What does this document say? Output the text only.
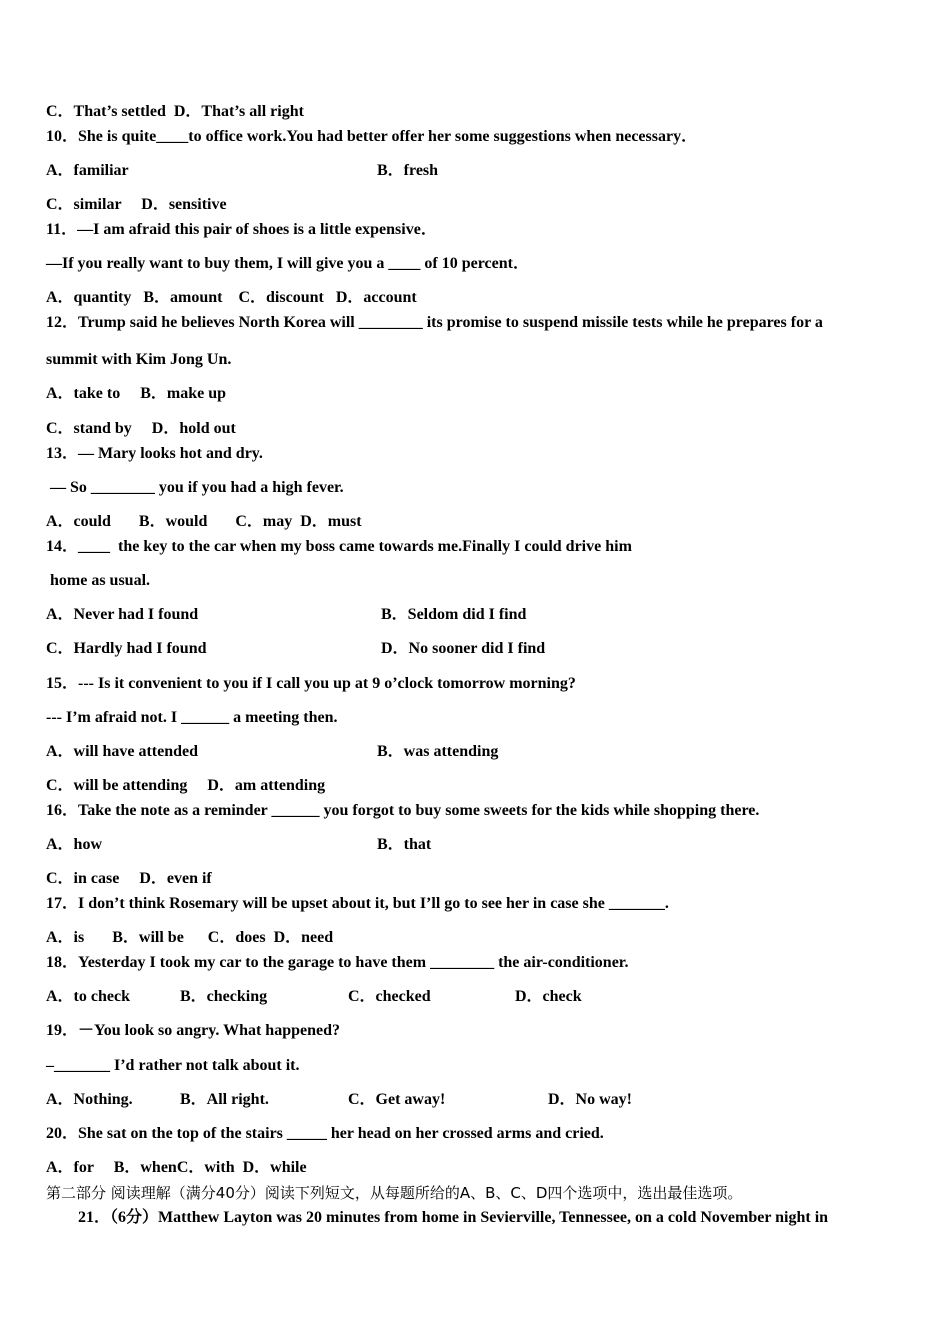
C．That’s settled  D．That’s all right
10．She is quite____to office work.You had better offer her some suggestions when necessary．
A．familiar	B．fresh
C．similar     D．sensitive
11．—I am afraid this pair of shoes is a little expensive．
—If you really want to buy them, I will give you a ____ of 10 percent．
A．quantity   B．amount    C．discount   D．account
12．Trump said he believes North Korea will ________ its promise to suspend missile tests while he prepares for a
summit with Kim Jong Un.
A．take to     B．make up
C．stand by     D．hold out
13．— Mary looks hot and dry.
— So ________ you if you had a high fever.
A．could       B．would       C．may  D．must
14．____  the key to the car when my boss came towards me.Finally I could drive him
home as usual.
A．Never had I found	B．Seldom did I find
C．Hardly had I found	D．No sooner did I find
15．--- Is it convenient to you if I call you up at 9 o’clock tomorrow morning?
--- I’m afraid not. I ______ a meeting then.
A．will have attended	B．was attending
C．will be attending     D．am attending
16．Take the note as a reminder ______ you forgot to buy some sweets for the kids while shopping there.
A．how	B．that
C．in case     D．even if
17．I don’t think Rosemary will be upset about it, but I’ll go to see her in case she _______.
A．is       B．will be      C．does  D．need
18．Yesterday I took my car to the garage to have them ________ the air-conditioner.
A．to check	B．checking	C．checked	D．check
19．－You look so angry. What happened?
–_______ I’d rather not talk about it.
A．Nothing.	B．All right.	C．Get away!	D．No way!
20．She sat on the top of the stairs _____ her head on her crossed arms and cried.
A．for     B．whenC．with  D．while
第二部分 阅读理解（满分40分）阅读下列短文，从每题所给的A、B、C、D四个选项中，选出最佳选项。
21．（6分）Matthew Layton was 20 minutes from home in Sevierville, Tennessee, on a cold November night in
